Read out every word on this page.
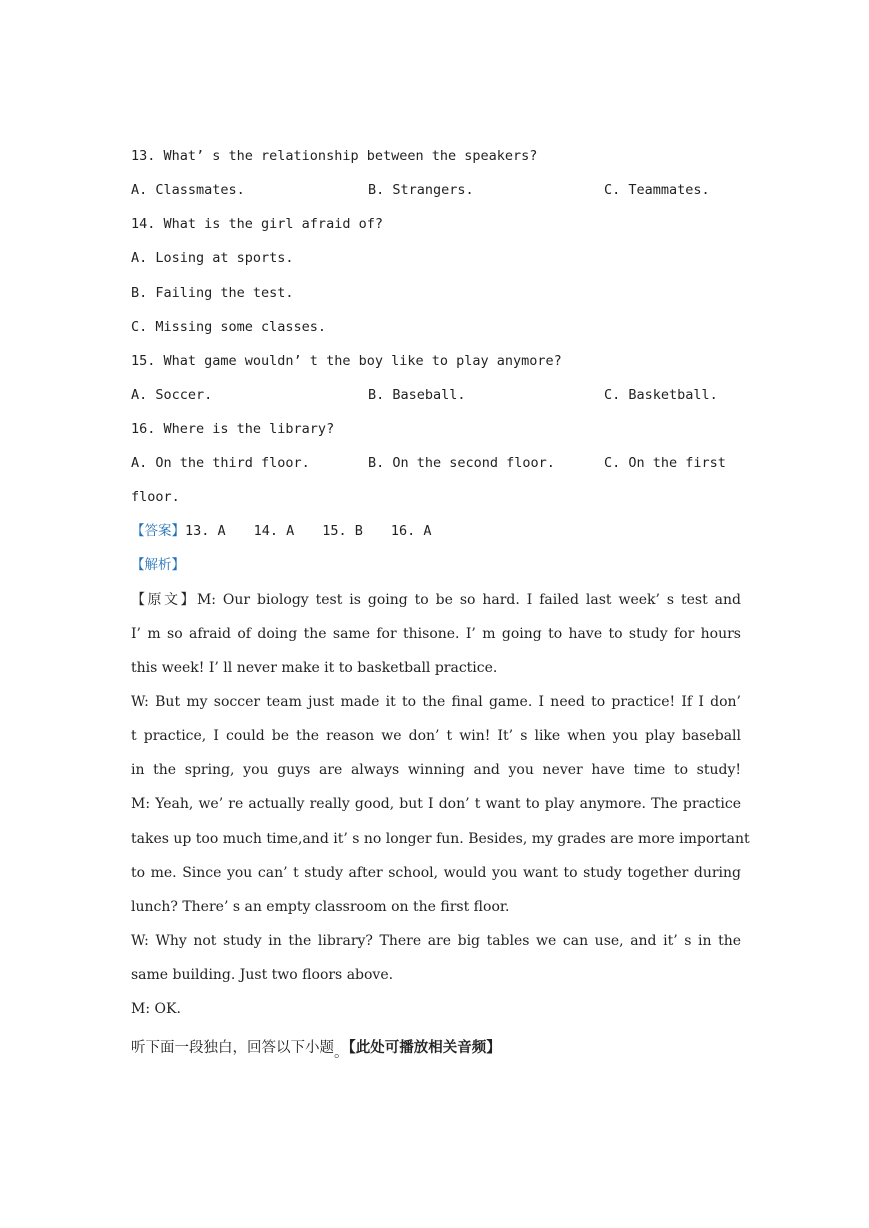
13. What’ s the relationship between the speakers?
A. Classmates.	B. Strangers.	C. Teammates.
14. What is the girl afraid of?
A. Losing at sports.
B. Failing the test.
C. Missing some classes.
15. What game wouldn’ t the boy like to play anymore?
A. Soccer.	B. Baseball.	C. Basketball.
16. Where is the library?
A. On the third floor.	B. On the second floor.	C. On the first
floor.
【答案】13. A 14. A 15. B 16. A
【解析】
【原文】M: Our biology test is going to be so hard. I failed last week’ s test and
I’ m so afraid of doing the same for thisone. I’ m going to have to study for hours
this week! I’ ll never make it to basketball practice.
W: But my soccer team just made it to the final game. I need to practice! If I don’
t practice, I could be the reason we don’ t win! It’ s like when you play baseball
in the spring, you guys are always winning and you never have time to study!
M: Yeah, we’ re actually really good, but I don’ t want to play anymore. The practice
takes up too much time,and it’ s no longer fun. Besides, my grades are more important
to me. Since you can’ t study after school, would you want to study together during
lunch? There’ s an empty classroom on the first floor.
W: Why not study in the library? There are big tables we can use, and it’ s in the
same building. Just two floors above.
M: OK.
听下面一段独白，回答以下小题。【此处可播放相关音频】
